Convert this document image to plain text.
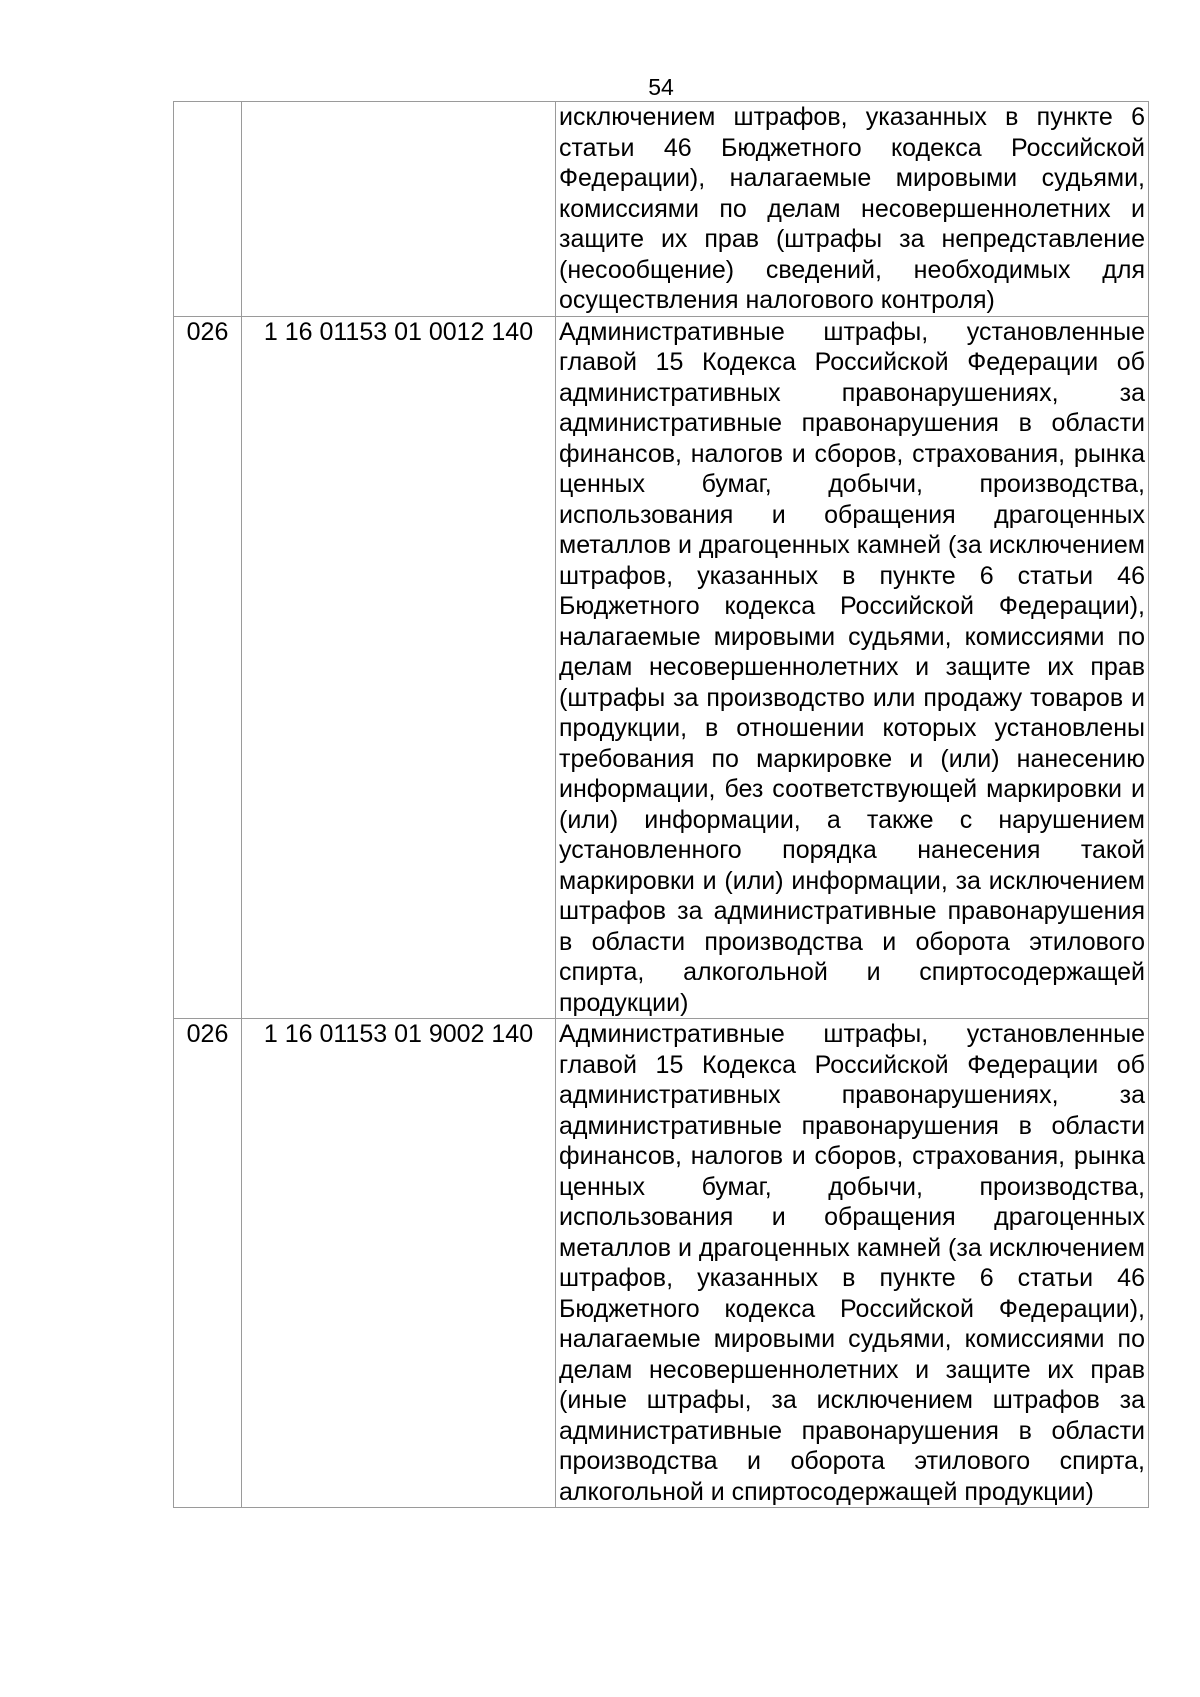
54
		исключением штрафов, указанных в пункте 6 статьи 46 Бюджетного кодекса Российской Федерации), налагаемые мировыми судьями, комиссиями по делам несовершеннолетних и защите их прав (штрафы за непредставление (несообщение) сведений, необходимых для осуществления налогового контроля)
026	1 16 01153 01 0012 140	Административные штрафы, установленные главой 15 Кодекса Российской Федерации об административных правонарушениях, за административные правонарушения в области финансов, налогов и сборов, страхования, рынка ценных бумаг, добычи, производства, использования и обращения драгоценных металлов и драгоценных камней (за исключением штрафов, указанных в пункте 6 статьи 46 Бюджетного кодекса Российской Федерации), налагаемые мировыми судьями, комиссиями по делам несовершеннолетних и защите их прав (штрафы за производство или продажу товаров и продукции, в отношении которых установлены требования по маркировке и (или) нанесению информации, без соответствующей маркировки и (или) информации, а также с нарушением установленного порядка нанесения такой маркировки и (или) информации, за исключением штрафов за административные правонарушения в области производства и оборота этилового спирта, алкогольной и спиртосодержащей продукции)
026	1 16 01153 01 9002 140	Административные штрафы, установленные главой 15 Кодекса Российской Федерации об административных правонарушениях, за административные правонарушения в области финансов, налогов и сборов, страхования, рынка ценных бумаг, добычи, производства, использования и обращения драгоценных металлов и драгоценных камней (за исключением штрафов, указанных в пункте 6 статьи 46 Бюджетного кодекса Российской Федерации), налагаемые мировыми судьями, комиссиями по делам несовершеннолетних и защите их прав (иные штрафы, за исключением штрафов за административные правонарушения в области производства и оборота этилового спирта, алкогольной и спиртосодержащей продукции)
